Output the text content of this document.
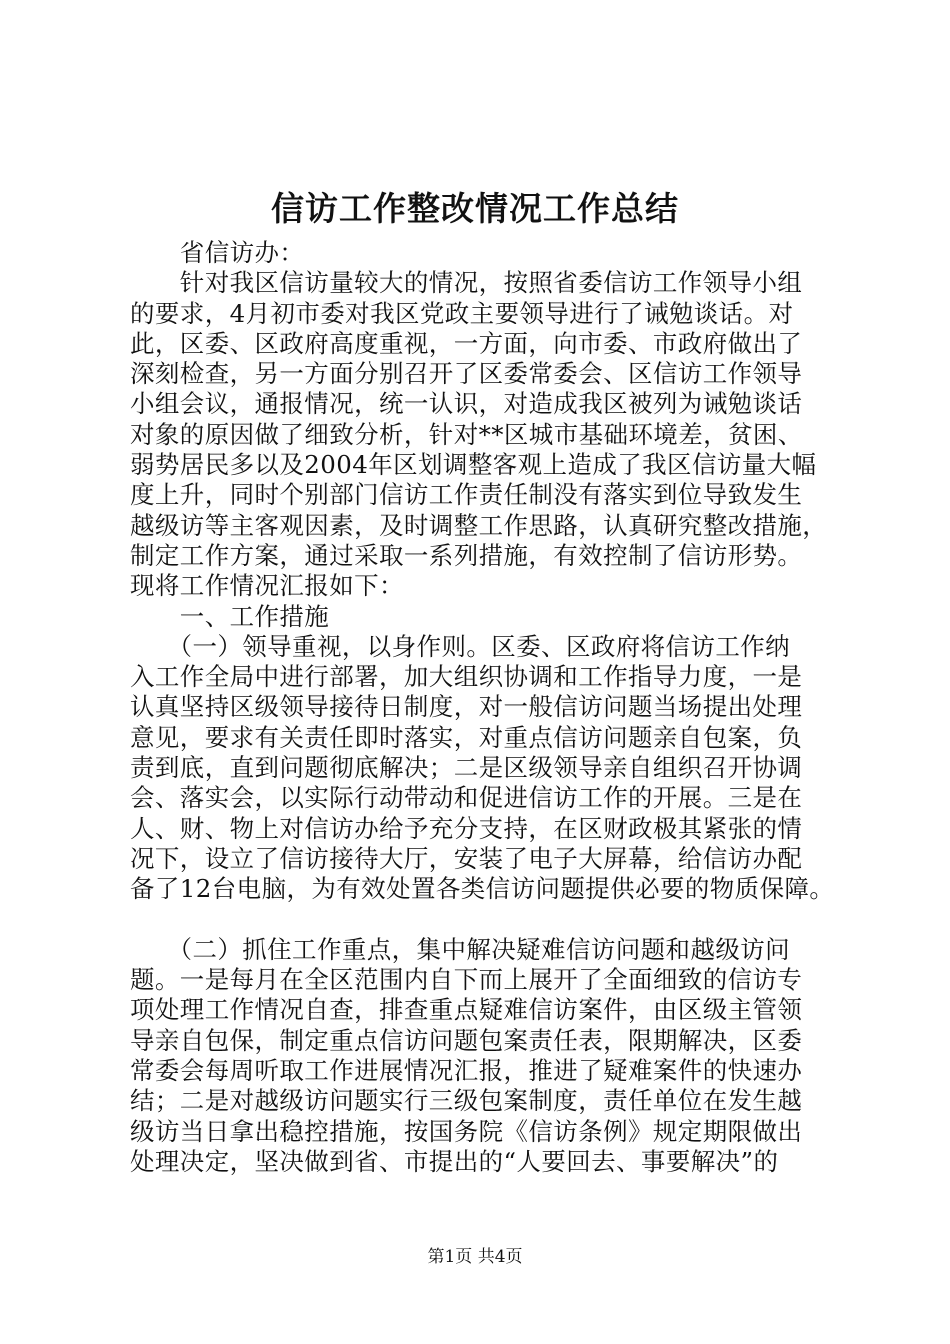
信访工作整改情况工作总结
　　省信访办：
　　针对我区信访量较大的情况，按照省委信访工作领导小组
的要求，4月初市委对我区党政主要领导进行了诫勉谈话。对
此，区委、区政府高度重视，一方面，向市委、市政府做出了
深刻检查，另一方面分别召开了区委常委会、区信访工作领导
小组会议，通报情况，统一认识，对造成我区被列为诫勉谈话
对象的原因做了细致分析，针对**区城市基础环境差，贫困、
弱势居民多以及2004年区划调整客观上造成了我区信访量大幅
度上升，同时个别部门信访工作责任制没有落实到位导致发生
越级访等主客观因素，及时调整工作思路，认真研究整改措施，
制定工作方案，通过采取一系列措施，有效控制了信访形势。
现将工作情况汇报如下：
　　一、工作措施
　　（一）领导重视，以身作则。区委、区政府将信访工作纳
入工作全局中进行部署，加大组织协调和工作指导力度，一是
认真坚持区级领导接待日制度，对一般信访问题当场提出处理
意见，要求有关责任即时落实，对重点信访问题亲自包案，负
责到底，直到问题彻底解决；二是区级领导亲自组织召开协调
会、落实会，以实际行动带动和促进信访工作的开展。三是在
人、财、物上对信访办给予充分支持，在区财政极其紧张的情
况下，设立了信访接待大厅，安装了电子大屏幕，给信访办配
备了12台电脑，为有效处置各类信访问题提供必要的物质保障。
　　（二）抓住工作重点，集中解决疑难信访问题和越级访问
题。一是每月在全区范围内自下而上展开了全面细致的信访专
项处理工作情况自查，排查重点疑难信访案件，由区级主管领
导亲自包保，制定重点信访问题包案责任表，限期解决，区委
常委会每周听取工作进展情况汇报，推进了疑难案件的快速办
结；二是对越级访问题实行三级包案制度，责任单位在发生越
级访当日拿出稳控措施，按国务院《信访条例》规定期限做出
处理决定，坚决做到省、市提出的“人要回去、事要解决”的
第1页 共4页
